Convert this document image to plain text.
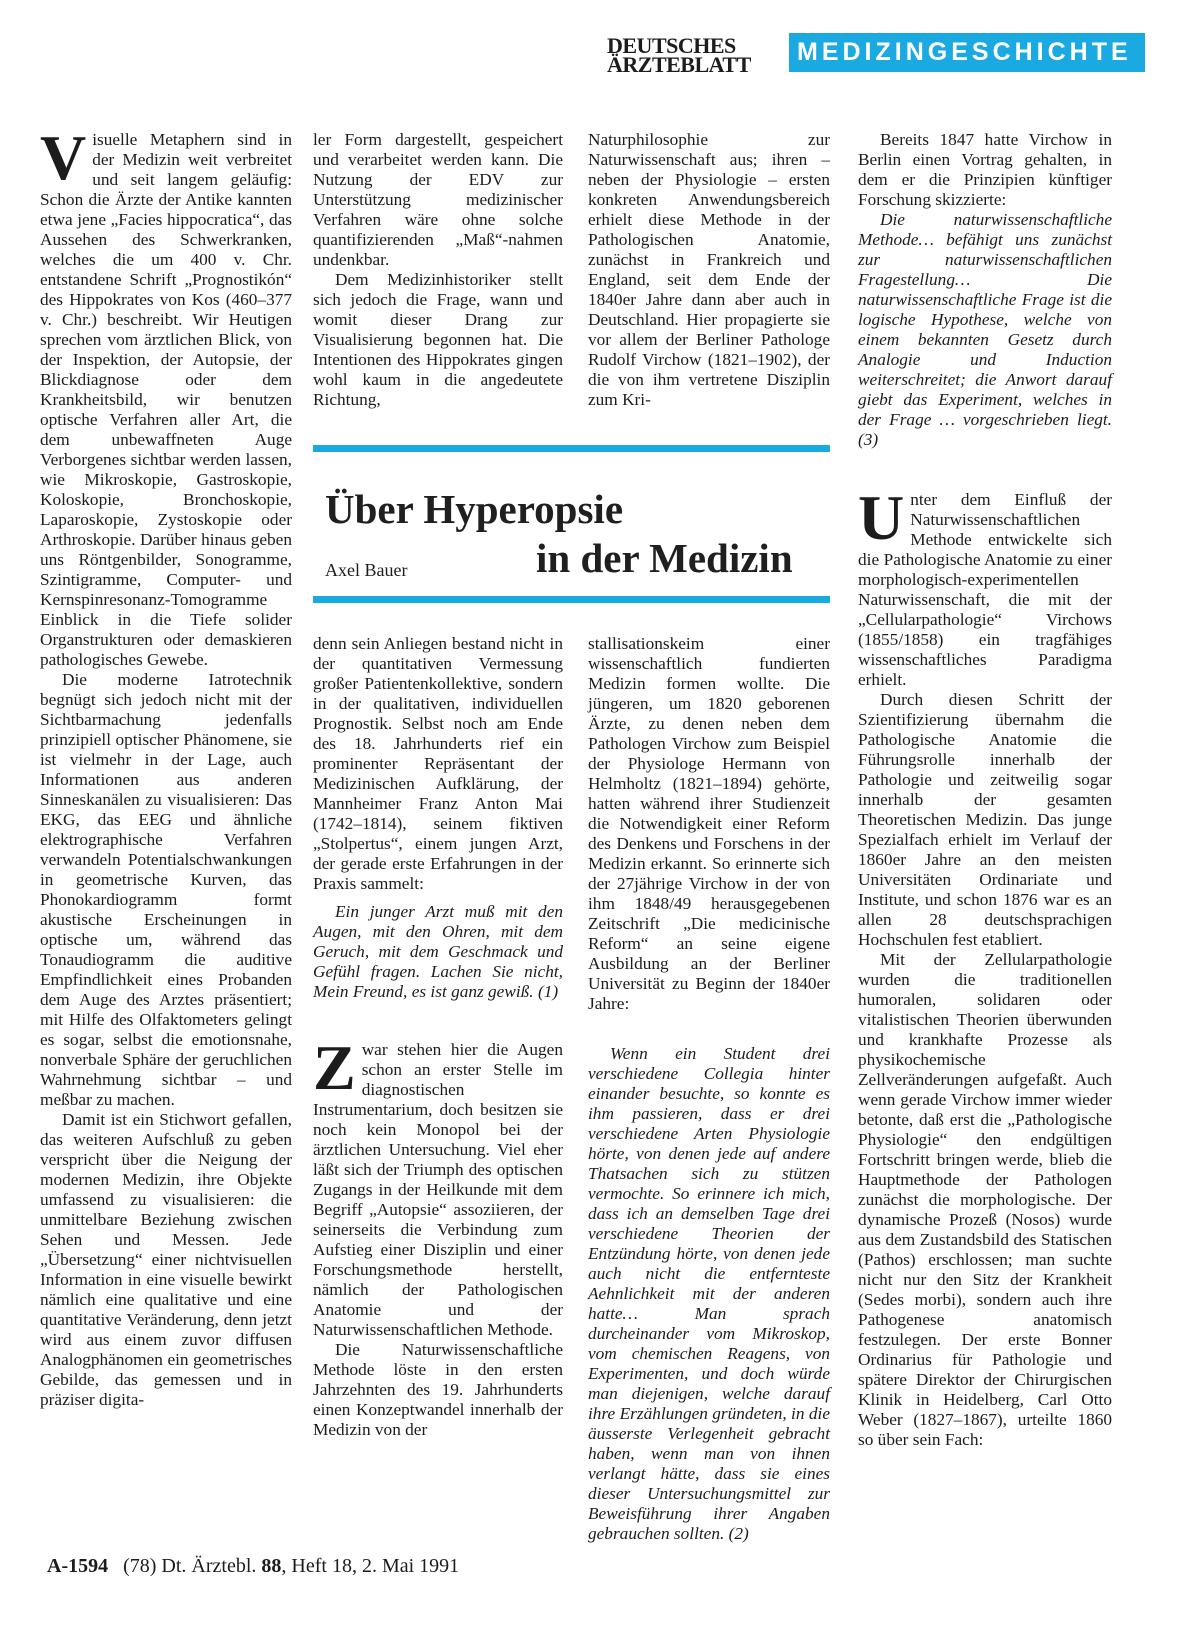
DEUTSCHES
ÄRZTEBLATT	MEDIZINGESCHICHTE

Visuelle Metaphern sind in der Medizin weit verbreitet und seit langem geläufig: Schon die Ärzte der Antike kannten etwa jene „Facies hippocratica“, das Aussehen des Schwerkranken, welches die um 400 v. Chr. entstandene Schrift „Prognostikón“ des Hippokrates von Kos (460–377 v. Chr.) beschreibt. Wir Heutigen sprechen vom ärztlichen Blick, von der Inspektion, der Autopsie, der Blickdiagnose oder dem Krankheitsbild, wir benutzen optische Verfahren aller Art, die dem unbewaffneten Auge Verborgenes sichtbar werden lassen, wie Mikroskopie, Gastroskopie, Koloskopie, Bronchoskopie, Laparoskopie, Zystoskopie oder Arthroskopie. Darüber hinaus geben uns Röntgenbilder, Sonogramme, Szintigramme, Computer- und Kernspinresonanz-Tomogramme Einblick in die Tiefe solider Organstrukturen oder demaskieren pathologisches Gewebe.

Die moderne Iatrotechnik begnügt sich jedoch nicht mit der Sichtbarmachung jedenfalls prinzipiell optischer Phänomene, sie ist vielmehr in der Lage, auch Informationen aus anderen Sinneskanälen zu visualisieren: Das EKG, das EEG und ähnliche elektrographische Verfahren verwandeln Potentialschwankungen in geometrische Kurven, das Phonokardiogramm formt akustische Erscheinungen in optische um, während das Tonaudiogramm die auditive Empfindlichkeit eines Probanden dem Auge des Arztes präsentiert; mit Hilfe des Olfaktometers gelingt es sogar, selbst die emotionsnahe, nonverbale Sphäre der geruchlichen Wahrnehmung sichtbar – und meßbar zu machen.

Damit ist ein Stichwort gefallen, das weiteren Aufschluß zu geben verspricht über die Neigung der modernen Medizin, ihre Objekte umfassend zu visualisieren: die unmittelbare Beziehung zwischen Sehen und Messen. Jede „Übersetzung“ einer nichtvisuellen Information in eine visuelle bewirkt nämlich eine qualitative und eine quantitative Veränderung, denn jetzt wird aus einem zuvor diffusen Analogphänomen ein geometrisches Gebilde, das gemessen und in präziser digita-

ler Form dargestellt, gespeichert und verarbeitet werden kann. Die Nutzung der EDV zur Unterstützung medizinischer Verfahren wäre ohne solche quantifizierenden „Maß“-nahmen undenkbar.

Dem Medizinhistoriker stellt sich jedoch die Frage, wann und womit dieser Drang zur Visualisierung begonnen hat. Die Intentionen des Hippokrates gingen wohl kaum in die angedeutete Richtung,

Naturphilosophie zur Naturwissenschaft aus; ihren – neben der Physiologie – ersten konkreten Anwendungsbereich erhielt diese Methode in der Pathologischen Anatomie, zunächst in Frankreich und England, seit dem Ende der 1840er Jahre dann aber auch in Deutschland. Hier propagierte sie vor allem der Berliner Pathologe Rudolf Virchow (1821–1902), der die von ihm vertretene Disziplin zum Kri-

Bereits 1847 hatte Virchow in Berlin einen Vortrag gehalten, in dem er die Prinzipien künftiger Forschung skizzierte:

Die naturwissenschaftliche Methode… befähigt uns zunächst zur naturwissenschaftlichen Fragestellung… Die naturwissenschaftliche Frage ist die logische Hypothese, welche von einem bekannten Gesetz durch Analogie und Induction weiterschreitet; die Anwort darauf giebt das Experiment, welches in der Frage … vorgeschrieben liegt. (3)

Über Hyperopsie
in der Medizin
Axel Bauer

denn sein Anliegen bestand nicht in der quantitativen Vermessung großer Patientenkollektive, sondern in der qualitativen, individuellen Prognostik. Selbst noch am Ende des 18. Jahrhunderts rief ein prominenter Repräsentant der Medizinischen Aufklärung, der Mannheimer Franz Anton Mai (1742–1814), seinem fiktiven „Stolpertus“, einem jungen Arzt, der gerade erste Erfahrungen in der Praxis sammelt:

Ein junger Arzt muß mit den Augen, mit den Ohren, mit dem Geruch, mit dem Geschmack und Gefühl fragen. Lachen Sie nicht, Mein Freund, es ist ganz gewiß. (1)

Zwar stehen hier die Augen schon an erster Stelle im diagnostischen Instrumentarium, doch besitzen sie noch kein Monopol bei der ärztlichen Untersuchung. Viel eher läßt sich der Triumph des optischen Zugangs in der Heilkunde mit dem Begriff „Autopsie“ assoziieren, der seinerseits die Verbindung zum Aufstieg einer Disziplin und einer Forschungsmethode herstellt, nämlich der Pathologischen Anatomie und der Naturwissenschaftlichen Methode.

Die Naturwissenschaftliche Methode löste in den ersten Jahrzehnten des 19. Jahrhunderts einen Konzeptwandel innerhalb der Medizin von der

stallisationskeim einer wissenschaftlich fundierten Medizin formen wollte. Die jüngeren, um 1820 geborenen Ärzte, zu denen neben dem Pathologen Virchow zum Beispiel der Physiologe Hermann von Helmholtz (1821–1894) gehörte, hatten während ihrer Studienzeit die Notwendigkeit einer Reform des Denkens und Forschens in der Medizin erkannt. So erinnerte sich der 27jährige Virchow in der von ihm 1848/49 herausgegebenen Zeitschrift „Die medicinische Reform“ an seine eigene Ausbildung an der Berliner Universität zu Beginn der 1840er Jahre:

Wenn ein Student drei verschiedene Collegia hinter einander besuchte, so konnte es ihm passieren, dass er drei verschiedene Arten Physiologie hörte, von denen jede auf andere Thatsachen sich zu stützen vermochte. So erinnere ich mich, dass ich an demselben Tage drei verschiedene Theorien der Entzündung hörte, von denen jede auch nicht die entfernteste Aehnlichkeit mit der anderen hatte… Man sprach durcheinander vom Mikroskop, vom chemischen Reagens, von Experimenten, und doch würde man diejenigen, welche darauf ihre Erzählungen gründeten, in die äusserste Verlegenheit gebracht haben, wenn man von ihnen verlangt hätte, dass sie eines dieser Untersuchungsmittel zur Beweisführung ihrer Angaben gebrauchen sollten. (2)

Unter dem Einfluß der Naturwissenschaftlichen Methode entwickelte sich die Pathologische Anatomie zu einer morphologisch-experimentellen Naturwissenschaft, die mit der „Cellularpathologie“ Virchows (1855/1858) ein tragfähiges wissenschaftliches Paradigma erhielt.

Durch diesen Schritt der Szientifizierung übernahm die Pathologische Anatomie die Führungsrolle innerhalb der Pathologie und zeitweilig sogar innerhalb der gesamten Theoretischen Medizin. Das junge Spezialfach erhielt im Verlauf der 1860er Jahre an den meisten Universitäten Ordinariate und Institute, und schon 1876 war es an allen 28 deutschsprachigen Hochschulen fest etabliert.

Mit der Zellularpathologie wurden die traditionellen humoralen, solidaren oder vitalistischen Theorien überwunden und krankhafte Prozesse als physikochemische Zellveränderungen aufgefaßt. Auch wenn gerade Virchow immer wieder betonte, daß erst die „Pathologische Physiologie“ den endgültigen Fortschritt bringen werde, blieb die Hauptmethode der Pathologen zunächst die morphologische. Der dynamische Prozeß (Nosos) wurde aus dem Zustandsbild des Statischen (Pathos) erschlossen; man suchte nicht nur den Sitz der Krankheit (Sedes morbi), sondern auch ihre Pathogenese anatomisch festzulegen. Der erste Bonner Ordinarius für Pathologie und spätere Direktor der Chirurgischen Klinik in Heidelberg, Carl Otto Weber (1827–1867), urteilte 1860 so über sein Fach:

A-1594 (78) Dt. Ärztebl. 88, Heft 18, 2. Mai 1991
